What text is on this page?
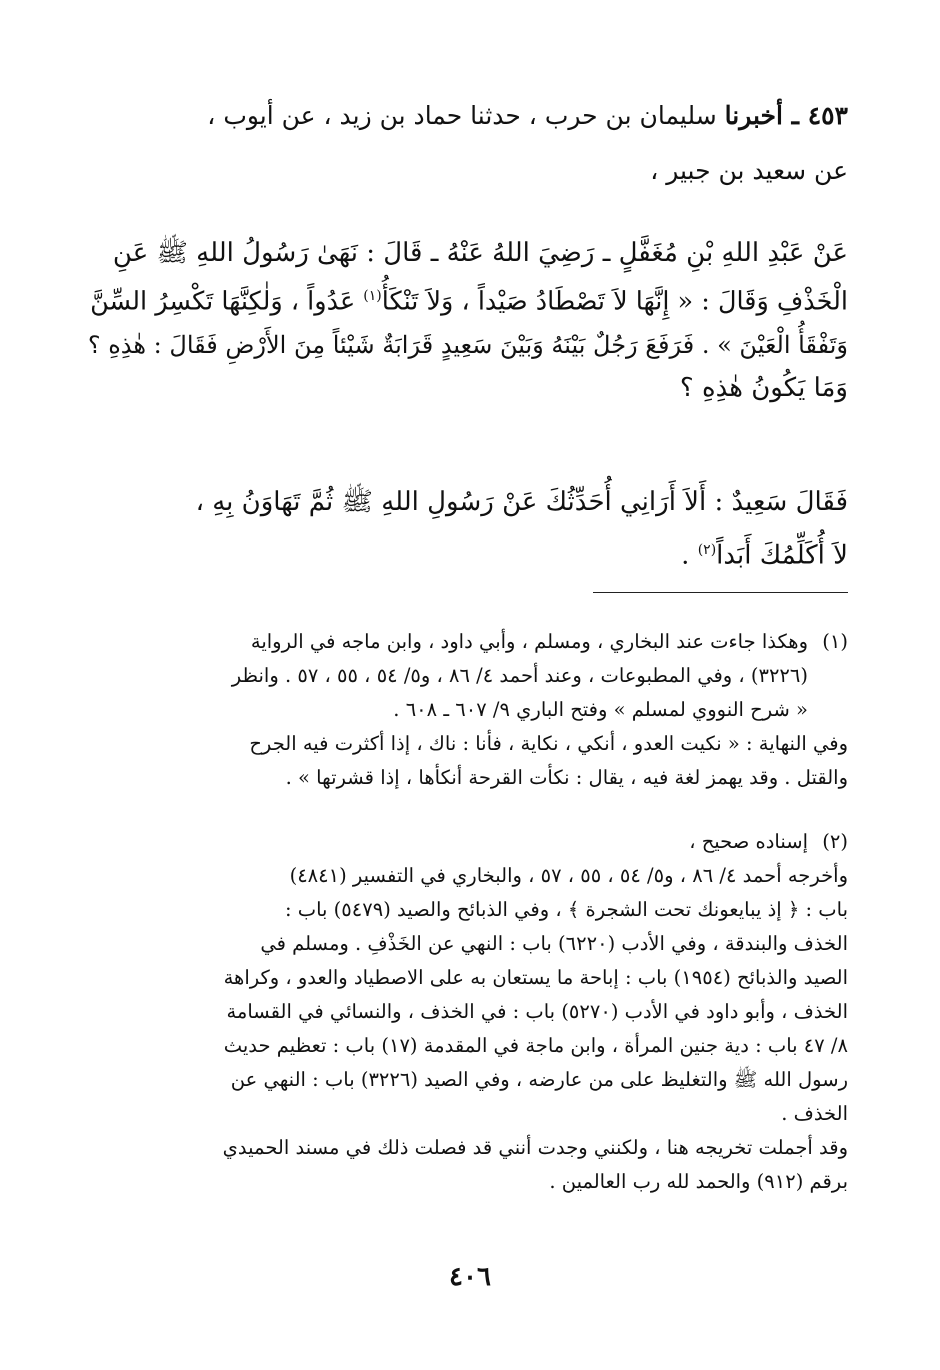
٤٥٣ ـ أخبرنا سليمان بن حرب ، حدثنا حماد بن زيد ، عن أيوب ،
عن سعيد بن جبير ،
عَنْ عَبْدِ اللهِ بْنِ مُغَفَّلٍ ـ رَضِيَ اللهُ عَنْهُ ـ قَالَ : نَهَىٰ رَسُولُ اللهِ ﷺ عَنِ
الْخَذْفِ وَقَالَ : « إِنَّهَا لاَ تَصْطَادُ صَيْداً ، وَلاَ تَنْكَأُ$^{(١)}$ عَدُواً ، وَلٰكِنَّهَا تَكْسِرُ السِّنَّ
وَتَفْقَأُ الْعَيْنَ » . فَرَفَعَ رَجُلٌ بَيْنَهُ وَبَيْنَ سَعِيدٍ قَرَابَةٌ شَيْئاً مِنَ الأَرْضِ فَقَالَ : هٰذِهِ ؟
وَمَا يَكُونُ هٰذِهِ ؟
فَقَالَ سَعِيدٌ : أَلاَ أَرَانِي أُحَدِّثُكَ عَنْ رَسُولِ اللهِ ﷺ ثُمَّ تَهَاوَنُ بِهِ ،
لاَ أُكَلِّمُكَ أَبَداً$^{(٢)}$ .
(١)
وهكذا جاءت عند البخاري ، ومسلم ، وأبي داود ، وابن ماجه في الرواية
(٣٢٢٦) ، وفي المطبوعات ، وعند أحمد ٤/ ٨٦ ، و٥/ ٥٤ ، ٥٥ ، ٥٧ . وانظر
« شرح النووي لمسلم » وفتح الباري ٩/ ٦٠٧ ـ ٦٠٨ .
وفي النهاية : « نكيت العدو ، أنكي ، نكاية ، فأنا : ناك ، إذا أكثرت فيه الجرح
والقتل . وقد يهمز لغة فيه ، يقال : نكأت القرحة أنكأها ، إذا قشرتها » .
(٢)
إسناده صحيح ،
وأخرجه أحمد ٤/ ٨٦ ، و٥/ ٥٤ ، ٥٥ ، ٥٧ ، والبخاري في التفسير (٤٨٤١)
باب : ﴿ إذ يبايعونك تحت الشجرة ﴾ ، وفي الذبائح والصيد (٥٤٧٩) باب :
الخذف والبندقة ، وفي الأدب (٦٢٢٠) باب : النهي عن الخَذْفِ . ومسلم في
الصيد والذبائح (١٩٥٤) باب : إباحة ما يستعان به على الاصطياد والعدو ، وكراهة
الخذف ، وأبو داود في الأدب (٥٢٧٠) باب : في الخذف ، والنسائي في القسامة
٨/ ٤٧ باب : دية جنين المرأة ، وابن ماجة في المقدمة (١٧) باب : تعظيم حديث
رسول الله ﷺ والتغليظ على من عارضه ، وفي الصيد (٣٢٢٦) باب : النهي عن
الخذف .
وقد أجملت تخريجه هنا ، ولكنني وجدت أنني قد فصلت ذلك في مسند الحميدي
برقم (٩١٢) والحمد لله رب العالمين .
٤٠٦
